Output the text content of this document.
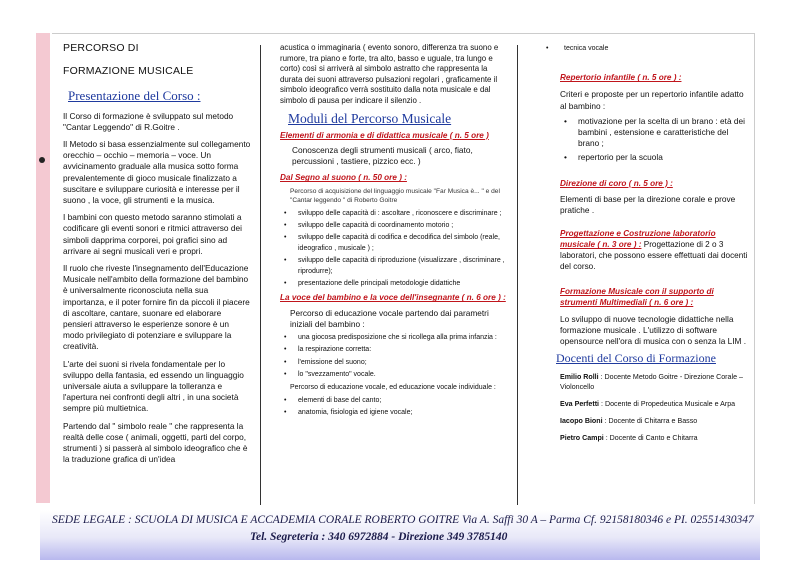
PERCORSO DI
FORMAZIONE MUSICALE
Presentazione del Corso :

Il Corso di formazione è sviluppato sul metodo "Cantar Leggendo" di R.Goitre .

Il Metodo si basa essenzialmente sul collegamento orecchio – occhio – memoria – voce. Un avvicinamento graduale alla musica sotto forma prevalentemente di gioco musicale finalizzato a suscitare e sviluppare curiosità e interesse per il suono , la voce, gli strumenti e la musica.

I bambini con questo metodo saranno stimolati a codificare gli eventi sonori e ritmici attraverso dei simboli dapprima corporei, poi grafici sino ad arrivare ai segni musicali veri e propri.

Il ruolo che riveste l'insegnamento dell'Educazione Musicale nell'ambito della formazione del bambino è universalmente riconosciuta nella sua importanza, e il poter fornire fin da piccoli il piacere di ascoltare, cantare, suonare ed elaborare pensieri attraverso le esperienze sonore è un modo privilegiato di potenziare e sviluppare la creatività.

L'arte dei suoni si rivela fondamentale per lo sviluppo della fantasia, ed essendo un linguaggio universale aiuta a sviluppare la tolleranza e l'apertura nei confronti degli altri , in una società sempre più multietnica.

Partendo dal " simbolo reale " che rappresenta la realtà delle cose ( animali, oggetti, parti del corpo, strumenti ) si passerà al simbolo ideografico che è la traduzione grafica di un'idea

acustica o immaginaria ( evento sonoro, differenza tra suono e rumore, tra piano e forte, tra alto, basso e uguale, tra lungo e corto) così si arriverà al simbolo astratto che rappresenta la durata dei suoni attraverso pulsazioni regolari , graficamente il simbolo ideografico verrà sostituito dalla nota musicale e dal simbolo di pausa per indicare il silenzio .

Moduli del Percorso Musicale
Elementi di armonia e di didattica musicale ( n. 5 ore )

Conoscenza degli strumenti musicali ( arco, fiato, percussioni , tastiere, pizzico ecc. )

Dal Segno al suono ( n. 50 ore ) :
Percorso di acquisizione del linguaggio musicale "Far Musica è... " e del "Cantar leggendo " di Roberto Goitre
• sviluppo delle capacità di : ascoltare , riconoscere e discriminare ;
• sviluppo delle capacità di coordinamento motorio ;
• sviluppo delle capacità di codifica e decodifica del simbolo (reale, ideografico , musicale ) ;
• sviluppo delle capacità di riproduzione (visualizzare , discriminare , riprodurre);
• presentazione delle principali metodologie didattiche
La voce del bambino e la voce dell'insegnante ( n. 6 ore ) :

Percorso di educazione vocale partendo dai parametri iniziali del bambino :

• una giocosa predisposizione che si ricollega alla prima infanzia :
• la respirazione corretta:
• l'emissione del suono;
• lo "svezzamento" vocale.

Percorso di educazione vocale, ed educazione vocale individuale :

• elementi di base del canto;
• anatomia, fisiologia ed igiene vocale;
• tecnica vocale
Repertorio infantile ( n. 5 ore ) :

Criteri e proposte per un repertorio infantile adatto al bambino :

• motivazione per la scelta di un brano : età dei bambini , estensione e caratteristiche del brano ;
• repertorio per la scuola
Direzione di coro ( n. 5 ore ) :

Elementi di base per la direzione corale e prove pratiche .

Progettazione e Costruzione laboratorio musicale ( n. 3 ore ) : Progettazione di 2 o 3 laboratori, che possono essere effettuati dai docenti del corso.
Formazione Musicale con il supporto di strumenti Multimediali ( n. 6 ore ) :

Lo sviluppo di nuove tecnologie didattiche nella formazione musicale . L'utilizzo di software opensource nell'ora di musica con o senza la LIM .

Docenti del Corso di Formazione

Emilio Rolli : Docente Metodo Goitre - Direzione Corale – Violoncello

Eva Perfetti : Docente di Propedeutica Musicale e Arpa

Iacopo Bioni : Docente di Chitarra e Basso

Pietro Campi : Docente di Canto e Chitarra

SEDE LEGALE : SCUOLA DI MUSICA E ACCADEMIA CORALE ROBERTO GOITRE Via A. Saffi 30 A – Parma Cf. 92158180346 e PI. 02551430347
Tel. Segreteria : 340 6972884 - Direzione 349 3785140
